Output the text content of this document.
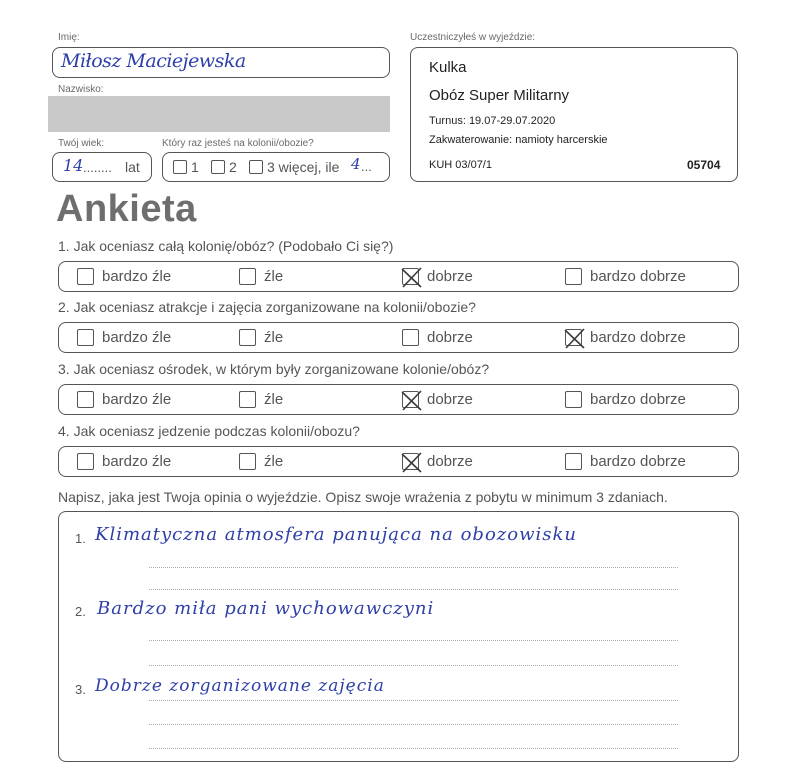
Imię:
Miłosz Maciejewska
Nazwisko:
Twój wiek:
14 ........ lat
Który raz jesteś na kolonii/obozie?
1 2 3 więcej, ile 4 ...
Uczestniczyłeś w wyjeździe:
Kulka
Obóz Super Militarny
Turnus: 19.07-29.07.2020
Zakwaterowanie: namioty harcerskie
KUH 03/07/1	05704
Ankieta
1. Jak oceniasz całą kolonię/obóz? (Podobało Ci się?)
bardzo źle	źle	dobrze	bardzo dobrze
2. Jak oceniasz atrakcje i zajęcia zorganizowane na kolonii/obozie?
bardzo źle	źle	dobrze	bardzo dobrze
3. Jak oceniasz ośrodek, w którym były zorganizowane kolonie/obóz?
bardzo źle	źle	dobrze	bardzo dobrze
4. Jak oceniasz jedzenie podczas kolonii/obozu?
bardzo źle	źle	dobrze	bardzo dobrze
Napisz, jaka jest Twoja opinia o wyjeździe. Opisz swoje wrażenia z pobytu w minimum 3 zdaniach.
1. Klimatyczna atmosfera panująca na obozowisku
2. Bardzo miła pani wychowawczyni
3. Dobrze zorganizowane zajęcia
